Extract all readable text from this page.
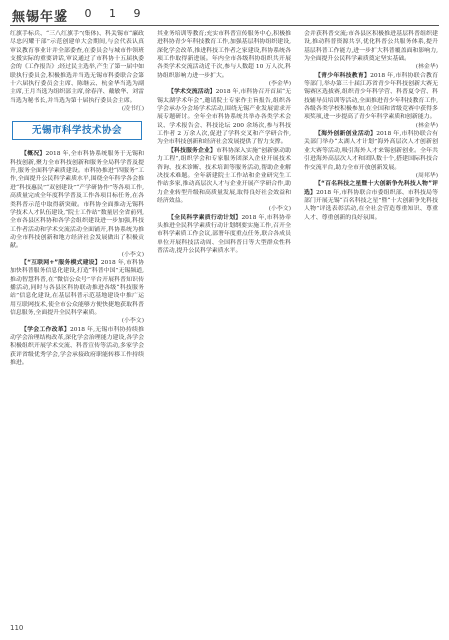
無锡年鉴
2 0 1 9

红旗手标兵、“三八红旗手”(集体)、科关锡市“廉政尽忠闪耀干部”示范创建单大会期间,与会代表认真审议教育事业计并全部委查,在委员会与城市作领班支援实际的重要讲话,审议通过了市科协十五届执委会的《工作报告》;经过民主选举,产生了第一届中如联执行委员会,积极推选并当选无锡市科委联合会第十六届执行委员会主席、陈继云、杭金华当选为副主席,王月当选为组织部主席,徐春洋、戴敏华、刘雷当选为秘书长,并当选为第十届执行委员会主席。

(凌书红)

无锡市科学技术协会

【概况】2018 年,全市科协系统服务于无锡和科技创新,聚力全市科技创新和服务全局科学普及提升,服务全面科学素质建设。市科协推进“四服务”工作,全面提升公民科学素质水平,围绕全年科学各会推进“科技惠民”“双创建设”“产学研协作”等各项工作,高质量完成全年度科学普及工作各项目标任务,在各类科普示范中取得新突破。市科协全面推动无锡科学技术人才队伍建设,“院士工作站”数量居全省前列,全市各县区科协和各学会组织建设进一步加强,科技工作者活动和学术交流活动全面铺开,科协系统为推动全市科技创新和地方经济社会发展做出了积极贡献。

(小李文)

【“互联网+”服务模式建设】2018 年,市科协加快科普服务信息化建设,打造“科普中国”无锡频道,推动智慧科普,在“微信公众号”平台开展科普知识传播活动,同时与各县区科协联动推进各级“科技服务站”信息化建设,在基层科普示范基地建设中推广运用互联网技术,使全市公众能够方便快捷地获取科普信息服务,全面提升全民科学素质。

(小李文)

【学会工作改革】2018 年,无锡市科协持续推动学会治理结构改革,深化学会治理能力建设,各学会积极组织开展学术交流、科普宣传等活动,多家学会获评省级优秀学会,学会承接政府职能转移工作持续推进。

其业务培训等教育;充实市科普宣传服务中心,积极推进科协青少年科技教育工作,加强基层科协组织建设,深化学会改革,推进科技工作者之家建设,科协系统各项工作取得新进展。年内全市各级科协组织共开展各类学术交流活动近千次,参与人数超 10 万人次,科协组织影响力进一步扩大。

(李金华)

【学术交流活动】2018 年,市科协召开首届“无锡太湖学术年会”,邀请院士专家作主旨报告,组织各学会承办分会场学术活动,围绕无锡产业发展需求开展专题研讨。全年全市科协系统共举办各类学术会议、学术报告会、科技论坛 200 余场次,参与科技工作者 2 万余人次,促进了学科交叉和产学研合作,为全市科技创新和经济社会发展提供了智力支撑。

【科技服务企业】市科协深入实施“创新驱动助力工程”,组织学会和专家服务团深入企业开展技术咨询、技术诊断、技术培训等服务活动,帮助企业解决技术难题。全年新建院士工作站和企业研究生工作站多家,推动高层次人才与企业开展产学研合作,助力企业转型升级和高质量发展,取得良好社会效益和经济效益。

(小李文)

【全民科学素质行动计划】2018 年,市科协牵头推进全民科学素质行动计划纲要实施工作,召开全市科学素质工作会议,部署年度重点任务,联合各成员单位开展科技活动周、全国科普日等大型群众性科普活动,提升公民科学素质水平。

会并获科普交流;市各县区积极推进基层科普组织建设,推动科普资源共享,优化科普公共服务体系,提升基层科普工作能力,进一步扩大科普覆盖面和影响力,为全面提升公民科学素质奠定坚实基础。

(林金华)

【青少年科技教育】2018 年,市科协联合教育等部门,举办第三十届江苏省青少年科技创新大赛无锡赛区选拔赛,组织青少年科学营、科普夏令营、科技辅导员培训等活动,全面推进青少年科技教育工作,各级各类学校积极参加,在全国和省级竞赛中获得多项奖项,进一步提高了青少年科学素质和创新能力。

(林金华)

【海外创新创业活动】2018 年,市科协联合有关部门举办“太湖人才计划”海外高层次人才创新创业大赛等活动,吸引海外人才来锡创新创业。全年共引进海外高层次人才和团队数十个,搭建国际科技合作交流平台,助力全市开放创新发展。

(周邦华)

【“百名科技之星暨十大创新争先科技人物”评选】2018 年,市科协联合市委组织部、市科技局等部门开展无锡“百名科技之星”暨“十大创新争先科技人物”评选表彰活动,在全社会营造尊重知识、尊重人才、尊重创新的良好氛围。

110
